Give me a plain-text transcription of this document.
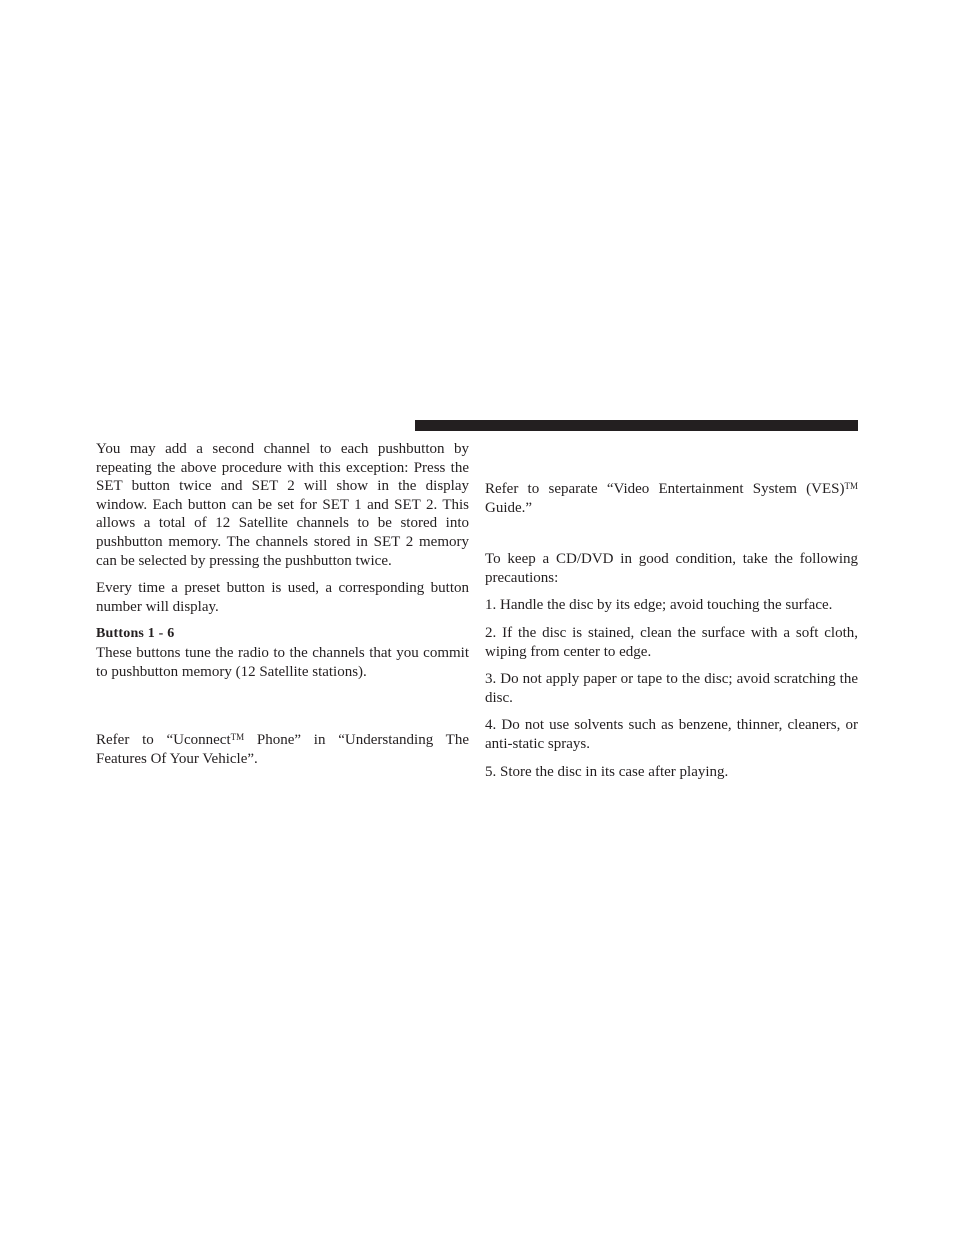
You may add a second channel to each pushbutton by repeating the above procedure with this exception: Press the SET button twice and SET 2 will show in the display window. Each button can be set for SET 1 and SET 2. This allows a total of 12 Satellite channels to be stored into pushbutton memory. The channels stored in SET 2 memory can be selected by pressing the pushbutton twice.

Every time a preset button is used, a corresponding button number will display.

Buttons 1 - 6

These buttons tune the radio to the channels that you commit to pushbutton memory (12 Satellite stations).

Refer to “Uconnect™ Phone” in “Understanding The Features Of Your Vehicle”.

Refer to separate “Video Entertainment System (VES)™ Guide.”

To keep a CD/DVD in good condition, take the following precautions:

1. Handle the disc by its edge; avoid touching the surface.

2. If the disc is stained, clean the surface with a soft cloth, wiping from center to edge.

3. Do not apply paper or tape to the disc; avoid scratching the disc.

4. Do not use solvents such as benzene, thinner, cleaners, or anti-static sprays.

5. Store the disc in its case after playing.
